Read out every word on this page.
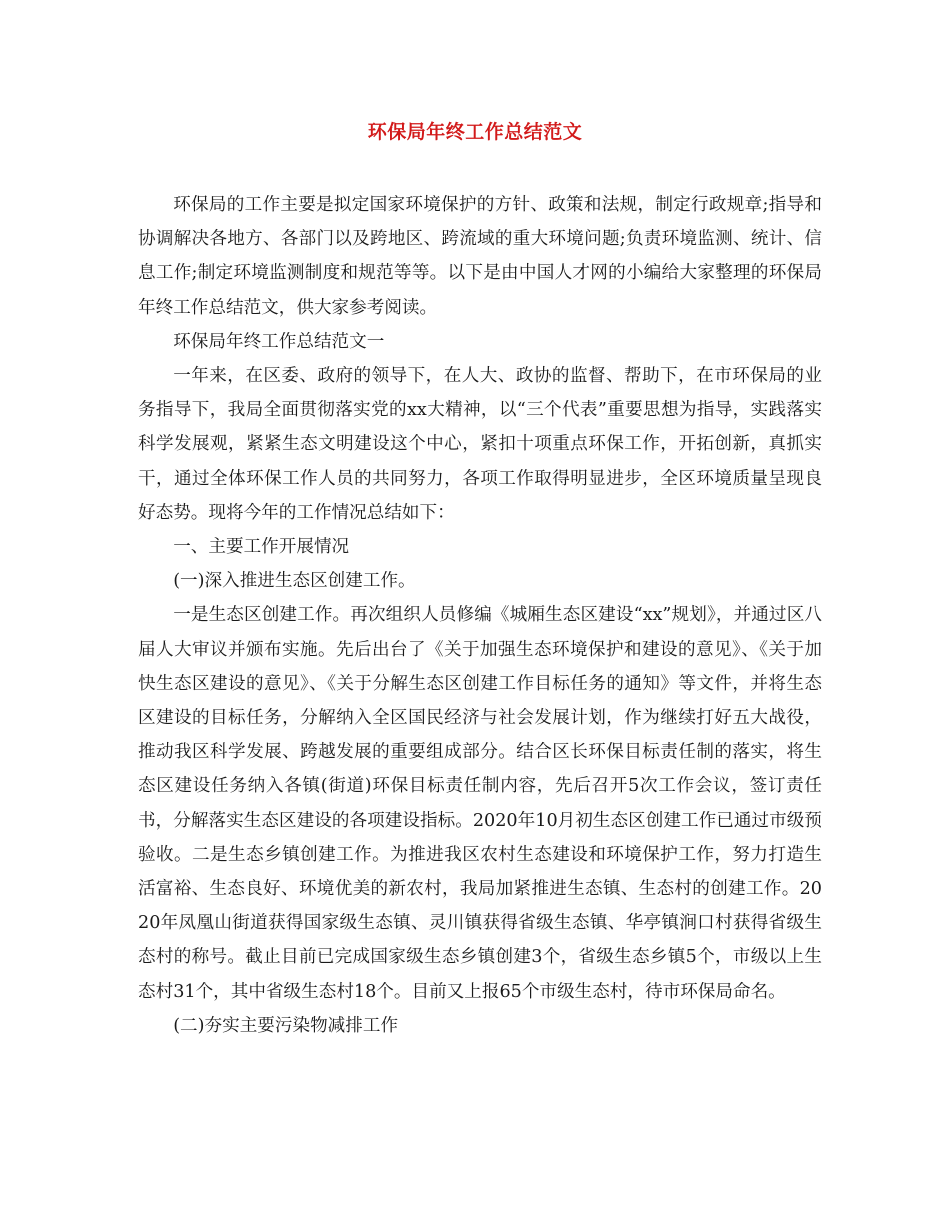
环保局年终工作总结范文

环保局的工作主要是拟定国家环境保护的方针、政策和法规，制定行政规章;指导和协调解决各地方、各部门以及跨地区、跨流域的重大环境问题;负责环境监测、统计、信息工作;制定环境监测制度和规范等等。以下是由中国人才网的小编给大家整理的环保局年终工作总结范文，供大家参考阅读。

环保局年终工作总结范文一

一年来，在区委、政府的领导下，在人大、政协的监督、帮助下，在市环保局的业务指导下，我局全面贯彻落实党的xx大精神，以“三个代表”重要思想为指导，实践落实科学发展观，紧紧生态文明建设这个中心，紧扣十项重点环保工作，开拓创新，真抓实干，通过全体环保工作人员的共同努力，各项工作取得明显进步，全区环境质量呈现良好态势。现将今年的工作情况总结如下：

一、主要工作开展情况

(一)深入推进生态区创建工作。

一是生态区创建工作。再次组织人员修编《城厢生态区建设“xx”规划》，并通过区八届人大审议并颁布实施。先后出台了《关于加强生态环境保护和建设的意见》、《关于加快生态区建设的意见》、《关于分解生态区创建工作目标任务的通知》等文件，并将生态区建设的目标任务，分解纳入全区国民经济与社会发展计划，作为继续打好五大战役，推动我区科学发展、跨越发展的重要组成部分。结合区长环保目标责任制的落实，将生态区建设任务纳入各镇(街道)环保目标责任制内容，先后召开5次工作会议，签订责任书，分解落实生态区建设的各项建设指标。2020年10月初生态区创建工作已通过市级预验收。二是生态乡镇创建工作。为推进我区农村生态建设和环境保护工作，努力打造生活富裕、生态良好、环境优美的新农村，我局加紧推进生态镇、生态村的创建工作。2020年凤凰山街道获得国家级生态镇、灵川镇获得省级生态镇、华亭镇涧口村获得省级生态村的称号。截止目前已完成国家级生态乡镇创建3个，省级生态乡镇5个，市级以上生态村31个，其中省级生态村18个。目前又上报65个市级生态村，待市环保局命名。

(二)夯实主要污染物减排工作
